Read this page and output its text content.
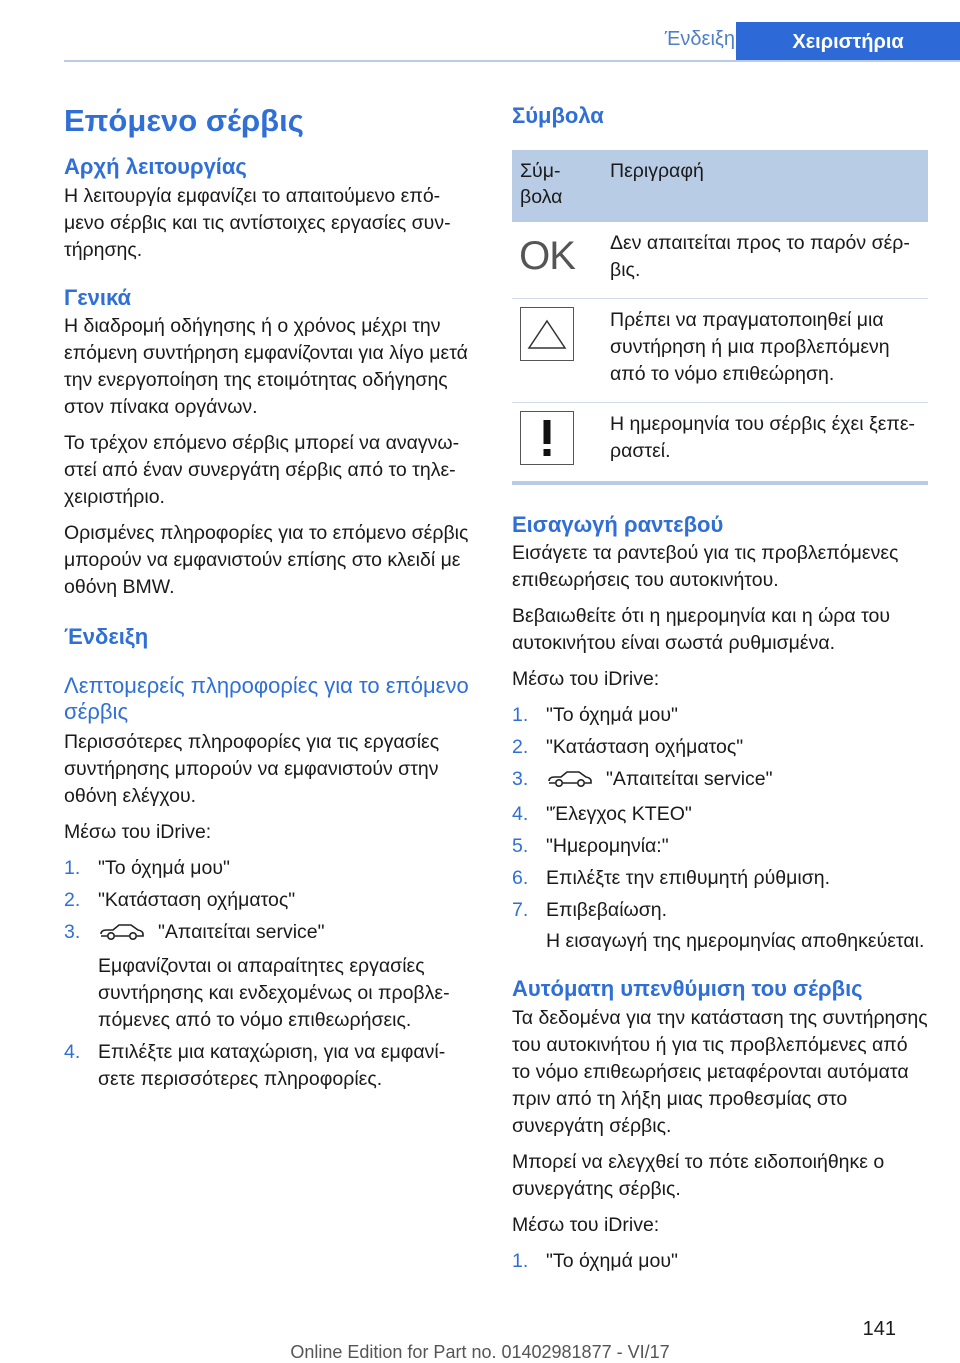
Ένδειξη	Χειριστήρια
Επόμενο σέρβις
Αρχή λειτουργίας

Η λειτουργία εμφανίζει το απαιτούμενο επόμενο σέρβις και τις αντίστοιχες εργασίες συντήρησης.

Γενικά

Η διαδρομή οδήγησης ή ο χρόνος μέχρι την επόμενη συντήρηση εμφανίζονται για λίγο μετά την ενεργοποίηση της ετοιμότητας οδήγησης στον πίνακα οργάνων.

Το τρέχον επόμενο σέρβις μπορεί να αναγνωστεί από έναν συνεργάτη σέρβις από το τηλεχειριστήριο.

Ορισμένες πληροφορίες για το επόμενο σέρβις μπορούν να εμφανιστούν επίσης στο κλειδί με οθόνη BMW.

Ένδειξη
Λεπτομερείς πληροφορίες για το επόμενο σέρβις

Περισσότερες πληροφορίες για τις εργασίες συντήρησης μπορούν να εμφανιστούν στην οθόνη ελέγχου.

Μέσω του iDrive:

1. "Το όχημά μου"
2. "Κατάσταση οχήματος"
3.	"Απαιτείται service"
Εμφανίζονται οι απαραίτητες εργασίες συντήρησης και ενδεχομένως οι προβλεπόμενες από το νόμο επιθεωρήσεις.
4. Επιλέξτε μια καταχώριση, για να εμφανίσετε περισσότερες πληροφορίες.
Σύμβολα
Σύμβολα	Περιγραφή

OK	Δεν απαιτείται προς το παρόν σέρβις.

	Πρέπει να πραγματοποιηθεί μια συντήρηση ή μια προβλεπόμενη από το νόμο επιθεώρηση.

	Η ημερομηνία του σέρβις έχει ξεπεραστεί.
Εισαγωγή ραντεβού

Εισάγετε τα ραντεβού για τις προβλεπόμενες επιθεωρήσεις του αυτοκινήτου.

Βεβαιωθείτε ότι η ημερομηνία και η ώρα του αυτοκινήτου είναι σωστά ρυθμισμένα.

Μέσω του iDrive:

1. "Το όχημά μου"
2. "Κατάσταση οχήματος"
3.	"Απαιτείται service"
4. "Έλεγχος ΚΤΕΟ"
5. "Ημερομηνία:"
6. Επιλέξτε την επιθυμητή ρύθμιση.
7. Επιβεβαίωση.
Η εισαγωγή της ημερομηνίας αποθηκεύεται.
Αυτόματη υπενθύμιση του σέρβις

Τα δεδομένα για την κατάσταση της συντήρησης του αυτοκινήτου ή για τις προβλεπόμενες από το νόμο επιθεωρήσεις μεταφέρονται αυτόματα πριν από τη λήξη μιας προθεσμίας στο συνεργάτη σέρβις.

Μπορεί να ελεγχθεί το πότε ειδοποιήθηκε ο συνεργάτης σέρβις.

Μέσω του iDrive:

1. "Το όχημά μου"
141
Online Edition for Part no. 01402981877 - VI/17
